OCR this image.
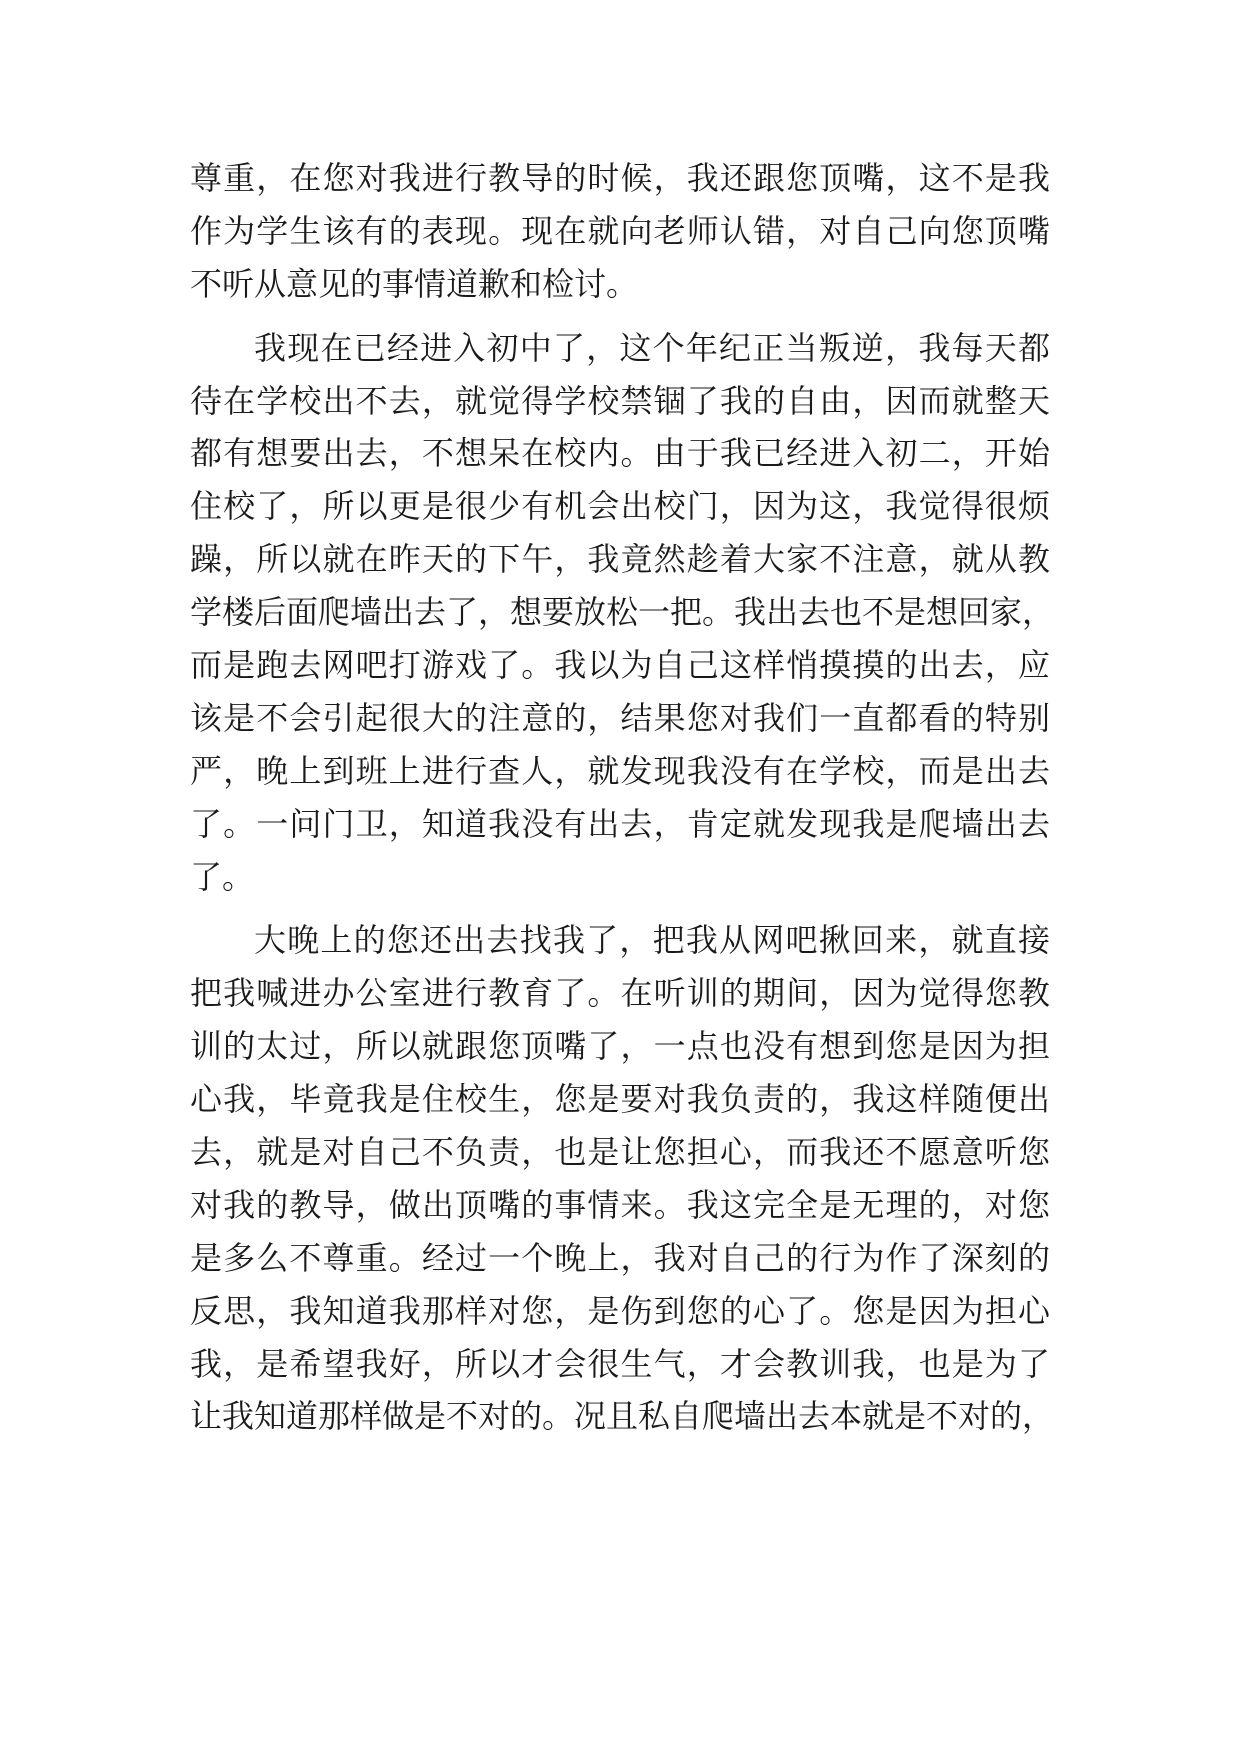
尊重，在您对我进行教导的时候，我还跟您顶嘴，这不是我
作为学生该有的表现。现在就向老师认错，对自己向您顶嘴
不听从意见的事情道歉和检讨。
我现在已经进入初中了，这个年纪正当叛逆，我每天都
待在学校出不去，就觉得学校禁锢了我的自由，因而就整天
都有想要出去，不想呆在校内。由于我已经进入初二，开始
住校了，所以更是很少有机会出校门，因为这，我觉得很烦
躁，所以就在昨天的下午，我竟然趁着大家不注意，就从教
学楼后面爬墙出去了，想要放松一把。我出去也不是想回家，
而是跑去网吧打游戏了。我以为自己这样悄摸摸的出去，应
该是不会引起很大的注意的，结果您对我们一直都看的特别
严，晚上到班上进行查人，就发现我没有在学校，而是出去
了。一问门卫，知道我没有出去，肯定就发现我是爬墙出去
了。
大晚上的您还出去找我了，把我从网吧揪回来，就直接
把我喊进办公室进行教育了。在听训的期间，因为觉得您教
训的太过，所以就跟您顶嘴了，一点也没有想到您是因为担
心我，毕竟我是住校生，您是要对我负责的，我这样随便出
去，就是对自己不负责，也是让您担心，而我还不愿意听您
对我的教导，做出顶嘴的事情来。我这完全是无理的，对您
是多么不尊重。经过一个晚上，我对自己的行为作了深刻的
反思，我知道我那样对您，是伤到您的心了。您是因为担心
我，是希望我好，所以才会很生气，才会教训我，也是为了
让我知道那样做是不对的。况且私自爬墙出去本就是不对的，
